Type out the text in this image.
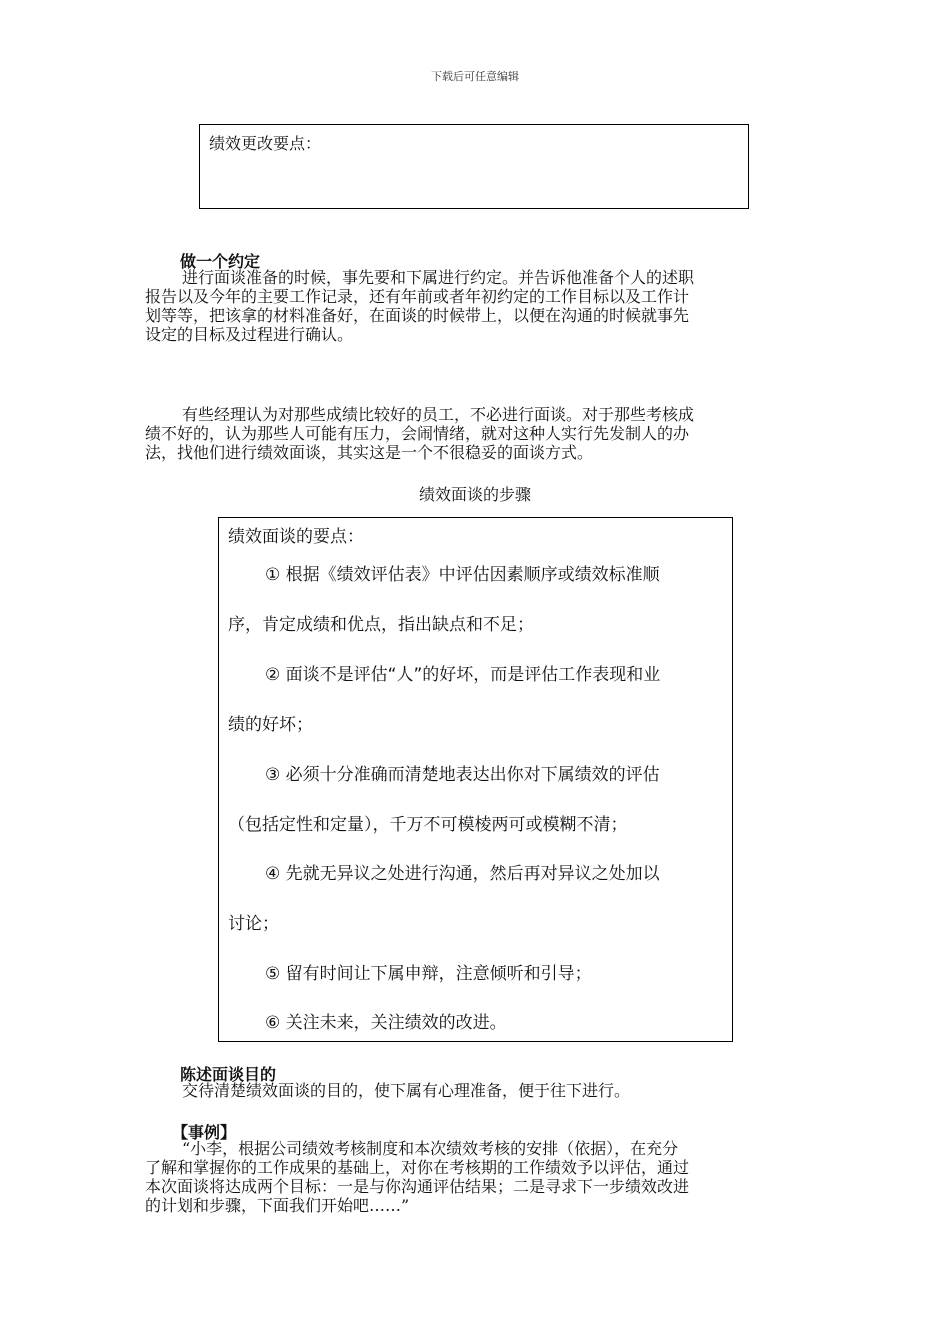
下载后可任意编辑
绩效更改要点：
做一个约定
进行面谈准备的时候，事先要和下属进行约定。并告诉他准备个人的述职
报告以及今年的主要工作记录，还有年前或者年初约定的工作目标以及工作计
划等等，把该拿的材料准备好，在面谈的时候带上，以便在沟通的时候就事先
设定的目标及过程进行确认。
有些经理认为对那些成绩比较好的员工，不必进行面谈。对于那些考核成
绩不好的，认为那些人可能有压力，会闹情绪，就对这种人实行先发制人的办
法，找他们进行绩效面谈，其实这是一个不很稳妥的面谈方式。
绩效面谈的步骤
绩效面谈的要点：
① 根据《绩效评估表》中评估因素顺序或绩效标准顺
序，肯定成绩和优点，指出缺点和不足；
② 面谈不是评估“人”的好坏，而是评估工作表现和业
绩的好坏；
③ 必须十分准确而清楚地表达出你对下属绩效的评估
（包括定性和定量），千万不可模棱两可或模糊不清；
④ 先就无异议之处进行沟通，然后再对异议之处加以
讨论；
⑤ 留有时间让下属申辩，注意倾听和引导；
⑥ 关注未来，关注绩效的改进。
陈述面谈目的
交待清楚绩效面谈的目的，使下属有心理准备，便于往下进行。
【事例】
“小李，根据公司绩效考核制度和本次绩效考核的安排（依据），在充分
了解和掌握你的工作成果的基础上，对你在考核期的工作绩效予以评估，通过
本次面谈将达成两个目标：一是与你沟通评估结果；二是寻求下一步绩效改进
的计划和步骤，下面我们开始吧……”
